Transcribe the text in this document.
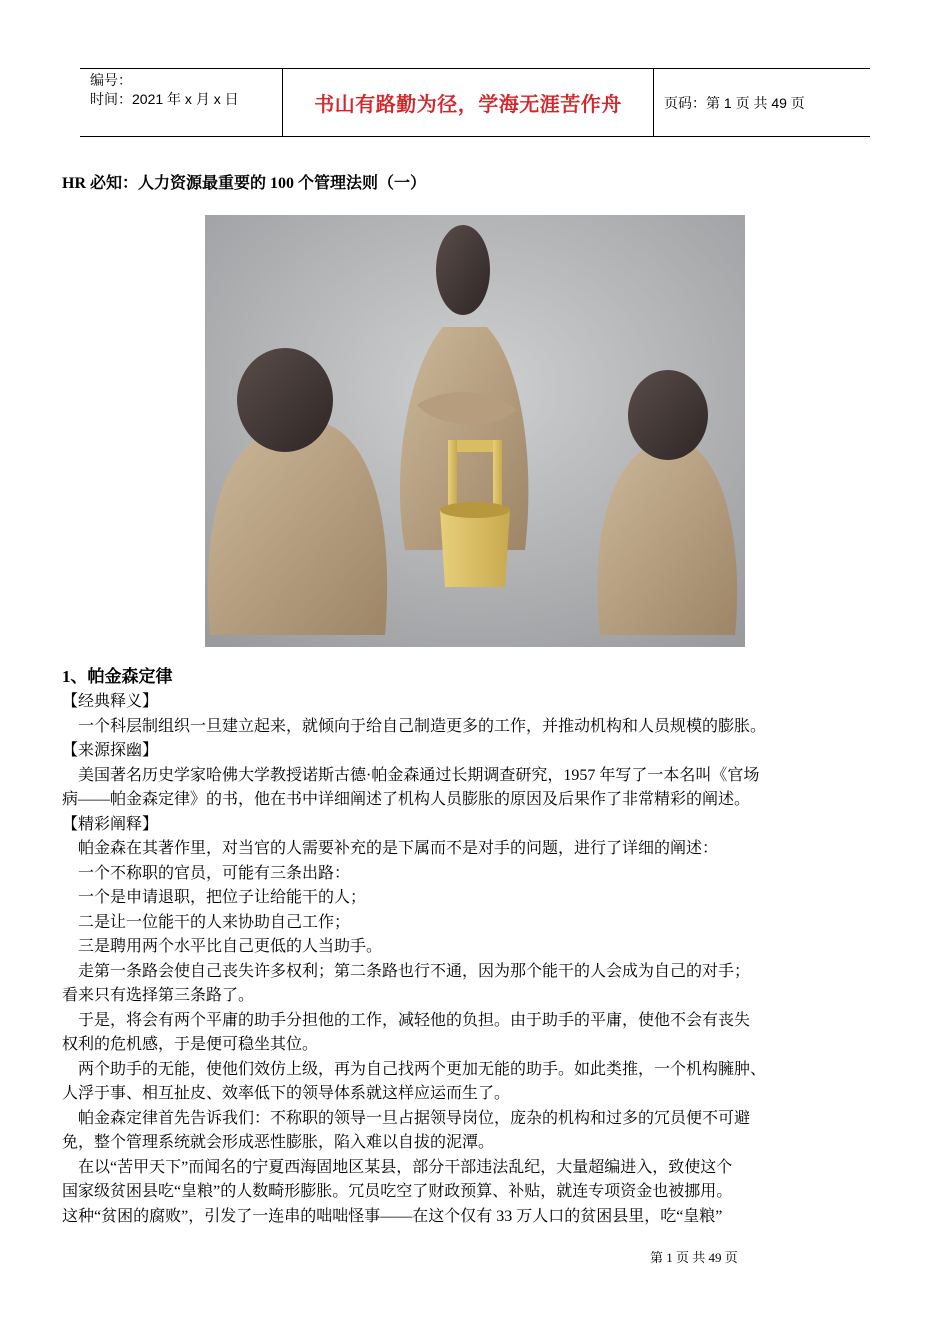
编号：
时间：2021 年 x 月 x 日	书山有路勤为径，学海无涯苦作舟	页码：第 1 页 共 49 页
HR 必知：人力资源最重要的 100 个管理法则（一）

1、帕金森定律

【经典释义】

一个科层制组织一旦建立起来，就倾向于给自己制造更多的工作，并推动机构和人员规模的膨胀。

【来源探幽】

美国著名历史学家哈佛大学教授诺斯古德·帕金森通过长期调查研究，1957 年写了一本名叫《官场

病——帕金森定律》的书，他在书中详细阐述了机构人员膨胀的原因及后果作了非常精彩的阐述。

【精彩阐释】

帕金森在其著作里，对当官的人需要补充的是下属而不是对手的问题，进行了详细的阐述：

一个不称职的官员，可能有三条出路：

一个是申请退职，把位子让给能干的人；

二是让一位能干的人来协助自己工作；

三是聘用两个水平比自己更低的人当助手。

走第一条路会使自己丧失许多权利；第二条路也行不通，因为那个能干的人会成为自己的对手；

看来只有选择第三条路了。

于是，将会有两个平庸的助手分担他的工作，减轻他的负担。由于助手的平庸，使他不会有丧失

权利的危机感，于是便可稳坐其位。

两个助手的无能，使他们效仿上级，再为自己找两个更加无能的助手。如此类推，一个机构臃肿、

人浮于事、相互扯皮、效率低下的领导体系就这样应运而生了。

帕金森定律首先告诉我们：不称职的领导一旦占据领导岗位，庞杂的机构和过多的冗员便不可避

免，整个管理系统就会形成恶性膨胀，陷入难以自拔的泥潭。

在以“苦甲天下”而闻名的宁夏西海固地区某县，部分干部违法乱纪，大量超编进入，致使这个

国家级贫困县吃“皇粮”的人数畸形膨胀。冗员吃空了财政预算、补贴，就连专项资金也被挪用。

这种“贫困的腐败”，引发了一连串的咄咄怪事——在这个仅有 33 万人口的贫困县里，吃“皇粮”

第 1 页 共 49 页
